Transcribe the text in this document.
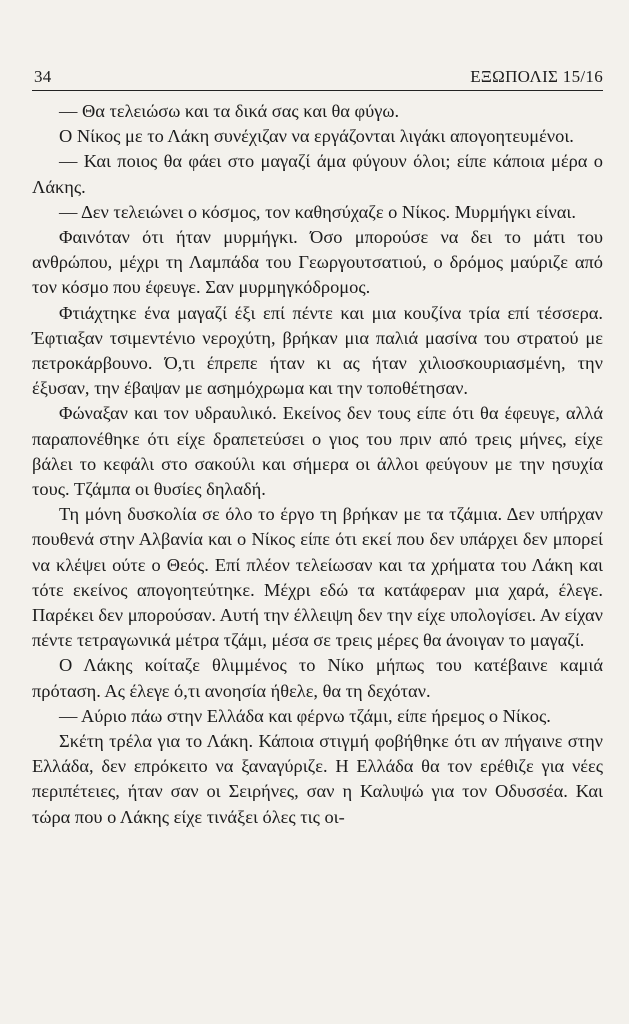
34	ΕΞΩΠΟΛΙΣ 15/16

— Θα τελειώσω και τα δικά σας και θα φύγω.

Ο Νίκος με το Λάκη συνέχιζαν να εργάζονται λιγάκι απογοητευμένοι.

— Και ποιος θα φάει στο μαγαζί άμα φύγουν όλοι; είπε κάποια μέρα ο Λάκης.

— Δεν τελειώνει ο κόσμος, τον καθησύχαζε ο Νίκος. Μυρμήγκι είναι.

Φαινόταν ότι ήταν μυρμήγκι. Όσο μπορούσε να δει το μάτι του ανθρώπου, μέχρι τη Λαμπάδα του Γεωργουτσατιού, ο δρόμος μαύριζε από τον κόσμο που έφευγε. Σαν μυρμηγκόδρομος.

Φτιάχτηκε ένα μαγαζί έξι επί πέντε και μια κουζίνα τρία επί τέσσερα. Έφτιαξαν τσιμεντένιο νεροχύτη, βρήκαν μια παλιά μασίνα του στρατού με πετροκάρβουνο. Ό,τι έπρεπε ήταν κι ας ήταν χιλιοσκουριασμένη, την έξυσαν, την έβαψαν με ασημόχρωμα και την τοποθέτησαν.

Φώναξαν και τον υδραυλικό. Εκείνος δεν τους είπε ότι θα έφευγε, αλλά παραπονέθηκε ότι είχε δραπετεύσει ο γιος του πριν από τρεις μήνες, είχε βάλει το κεφάλι στο σακούλι και σήμερα οι άλλοι φεύγουν με την ησυχία τους. Τζάμπα οι θυσίες δηλαδή.

Τη μόνη δυσκολία σε όλο το έργο τη βρήκαν με τα τζάμια. Δεν υπήρχαν πουθενά στην Αλβανία και ο Νίκος είπε ότι εκεί που δεν υπάρχει δεν μπορεί να κλέψει ούτε ο Θεός. Επί πλέον τελείωσαν και τα χρήματα του Λάκη και τότε εκείνος απογοητεύτηκε. Μέχρι εδώ τα κατάφεραν μια χαρά, έλεγε. Παρέκει δεν μπορούσαν. Αυτή την έλλειψη δεν την είχε υπολογίσει. Αν είχαν πέντε τετραγωνικά μέτρα τζάμι, μέσα σε τρεις μέρες θα άνοιγαν το μαγαζί.

Ο Λάκης κοίταζε θλιμμένος το Νίκο μήπως του κατέβαινε καμιά πρόταση. Ας έλεγε ό,τι ανοησία ήθελε, θα τη δεχόταν.

— Αύριο πάω στην Ελλάδα και φέρνω τζάμι, είπε ήρεμος ο Νίκος.

Σκέτη τρέλα για το Λάκη. Κάποια στιγμή φοβήθηκε ότι αν πήγαινε στην Ελλάδα, δεν επρόκειτο να ξαναγύριζε. Η Ελλάδα θα τον ερέθιζε για νέες περιπέτειες, ήταν σαν οι Σειρήνες, σαν η Καλυψώ για τον Οδυσσέα. Και τώρα που ο Λάκης είχε τινάξει όλες τις οι-
